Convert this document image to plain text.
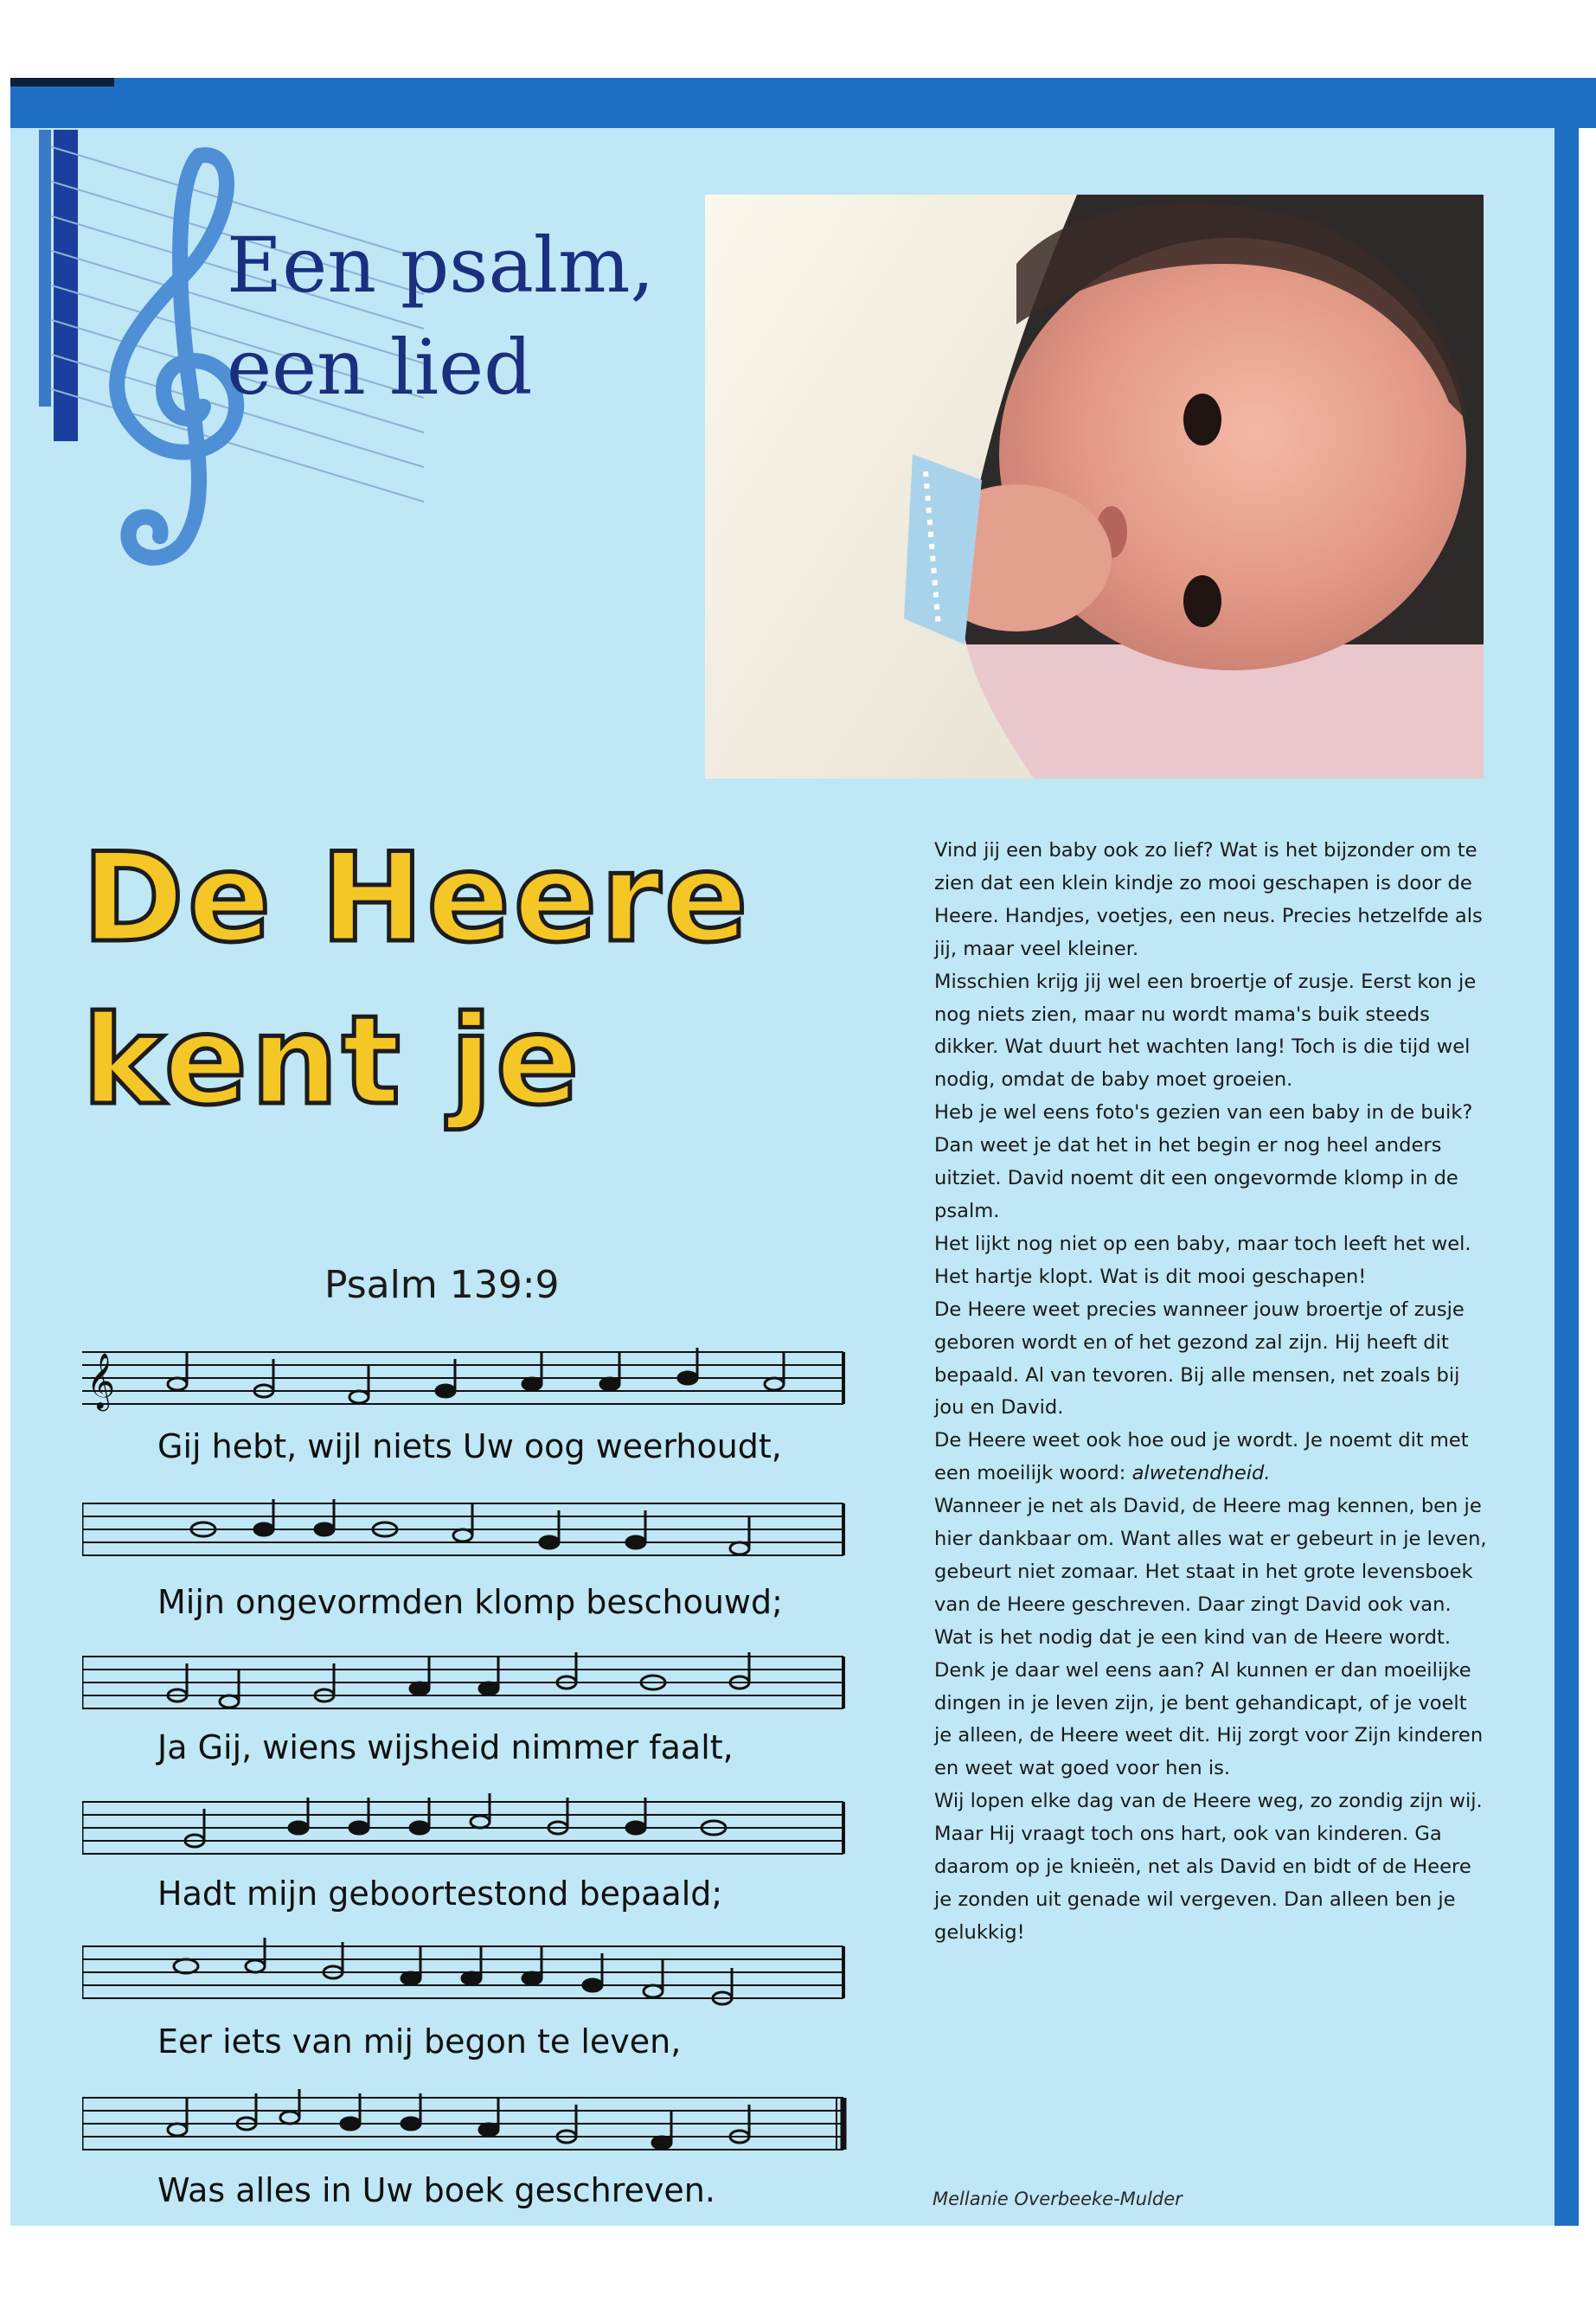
Een psalm,
een lied
De Heere
kent je
Psalm 139:9
𝄞
Gij hebt, wijl niets Uw oog weerhoudt,
Mijn ongevormden klomp beschouwd;
Ja Gij, wiens wijsheid nimmer faalt,
Hadt mijn geboortestond bepaald;
Eer iets van mij begon te leven,
Was alles in Uw boek geschreven.

Vind jij een baby ook zo lief? Wat is het bijzonder om te zien dat een klein kindje zo mooi geschapen is door de Heere. Handjes, voetjes, een neus. Precies hetzelfde als jij, maar veel kleiner.

Misschien krijg jij wel een broertje of zusje. Eerst kon je nog niets zien, maar nu wordt mama's buik steeds dikker. Wat duurt het wachten lang! Toch is die tijd wel nodig, omdat de baby moet groeien.

Heb je wel eens foto's gezien van een baby in de buik? Dan weet je dat het in het begin er nog heel anders uitziet. David noemt dit een ongevormde klomp in de psalm.

Het lijkt nog niet op een baby, maar toch leeft het wel. Het hartje klopt. Wat is dit mooi geschapen!

De Heere weet precies wanneer jouw broertje of zusje geboren wordt en of het gezond zal zijn. Hij heeft dit bepaald. Al van tevoren. Bij alle mensen, net zoals bij jou en David.

De Heere weet ook hoe oud je wordt. Je noemt dit met een moeilijk woord: alwetendheid.

Wanneer je net als David, de Heere mag kennen, ben je hier dankbaar om. Want alles wat er gebeurt in je leven, gebeurt niet zomaar. Het staat in het grote levensboek van de Heere geschreven. Daar zingt David ook van.

Wat is het nodig dat je een kind van de Heere wordt. Denk je daar wel eens aan? Al kunnen er dan moeilijke dingen in je leven zijn, je bent gehandicapt, of je voelt je alleen, de Heere weet dit. Hij zorgt voor Zijn kinderen en weet wat goed voor hen is.

Wij lopen elke dag van de Heere weg, zo zondig zijn wij. Maar Hij vraagt toch ons hart, ook van kinderen. Ga daarom op je knieën, net als David en bidt of de Heere je zonden uit genade wil vergeven. Dan alleen ben je gelukkig!

Mellanie Overbeeke-Mulder
